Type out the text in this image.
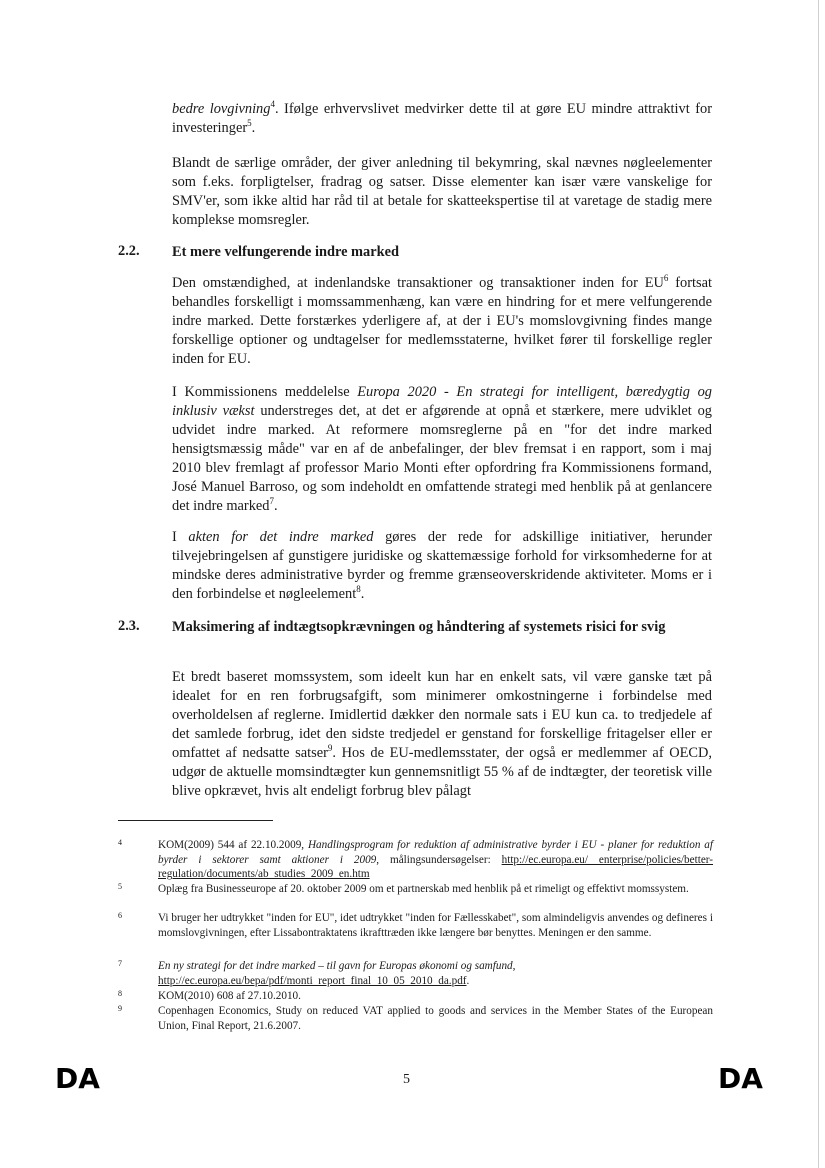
bedre lovgivning$^4$. Ifølge erhvervslivet medvirker dette til at gøre EU mindre attraktivt for investeringer$^5$.

Blandt de særlige områder, der giver anledning til bekymring, skal nævnes nøgleelementer som f.eks. forpligtelser, fradrag og satser. Disse elementer kan især være vanskelige for SMV'er, som ikke altid har råd til at betale for skatteekspertise til at varetage de stadig mere komplekse momsregler.

2.2. Et mere velfungerende indre marked

Den omstændighed, at indenlandske transaktioner og transaktioner inden for $EU^6$ fortsat behandles forskelligt i momssammenhæng, kan være en hindring for et mere velfungerende indre marked. Dette forstærkes yderligere af, at der i EU's momslovgivning findes mange forskellige optioner og undtagelser for medlemsstaterne, hvilket fører til forskellige regler inden for EU.

I Kommissionens meddelelse Europa 2020 - En strategi for intelligent, bæredygtig og inklusiv vækst understreges det, at det er afgørende at opnå et stærkere, mere udviklet og udvidet indre marked. At reformere momsreglerne på en "for det indre marked hensigtsmæssig måde" var en af de anbefalinger, der blev fremsat i en rapport, som i maj 2010 blev fremlagt af professor Mario Monti efter opfordring fra Kommissionens formand, José Manuel Barroso, og som indeholdt en omfattende strategi med henblik på at genlancere det indre marked$^7$.

I akten for det indre marked gøres der rede for adskillige initiativer, herunder tilvejebringelsen af gunstigere juridiske og skattemæssige forhold for virksomhederne for at mindske deres administrative byrder og fremme grænseoverskridende aktiviteter. Moms er i den forbindelse et nøgleelement$^8$.

2.3. Maksimering af indtægtsopkrævningen og håndtering af systemets risici for svig

Et bredt baseret momssystem, som ideelt kun har en enkelt sats, vil være ganske tæt på idealet for en ren forbrugsafgift, som minimerer omkostningerne i forbindelse med overholdelsen af reglerne. Imidlertid dækker den normale sats i EU kun ca. to tredjedele af det samlede forbrug, idet den sidste tredjedel er genstand for forskellige fritagelser eller er omfattet af nedsatte satser$^9$. Hos de EU-medlemsstater, der også er medlemmer af OECD, udgør de aktuelle momsindtægter kun gennemsnitligt 55 % af de indtægter, der teoretisk ville blive opkrævet, hvis alt endeligt forbrug blev pålagt

4	KOM(2009) 544 af 22.10.2009, Handlingsprogram for reduktion af administrative byrder i EU - planer for reduktion af byrder i sektorer samt aktioner i 2009, målingsundersøgelser: http://ec.europa.eu/ enterprise/policies/better-regulation/documents/ab_studies_2009_en.htm
5	Oplæg fra Businesseurope af 20. oktober 2009 om et partnerskab med henblik på et rimeligt og effektivt momssystem.
6	Vi bruger her udtrykket "inden for EU", idet udtrykket "inden for Fællesskabet", som almindeligvis anvendes og defineres i momslovgivningen, efter Lissabontraktatens ikrafttræden ikke længere bør benyttes. Meningen er den samme.
7	En ny strategi for det indre marked – til gavn for Europas økonomi og samfund,
http://ec.europa.eu/bepa/pdf/monti_report_final_10_05_2010_da.pdf.
8	KOM(2010) 608 af 27.10.2010.
9	Copenhagen Economics, Study on reduced VAT applied to goods and services in the Member States of the European Union, Final Report, 21.6.2007.
DA	5	DA
